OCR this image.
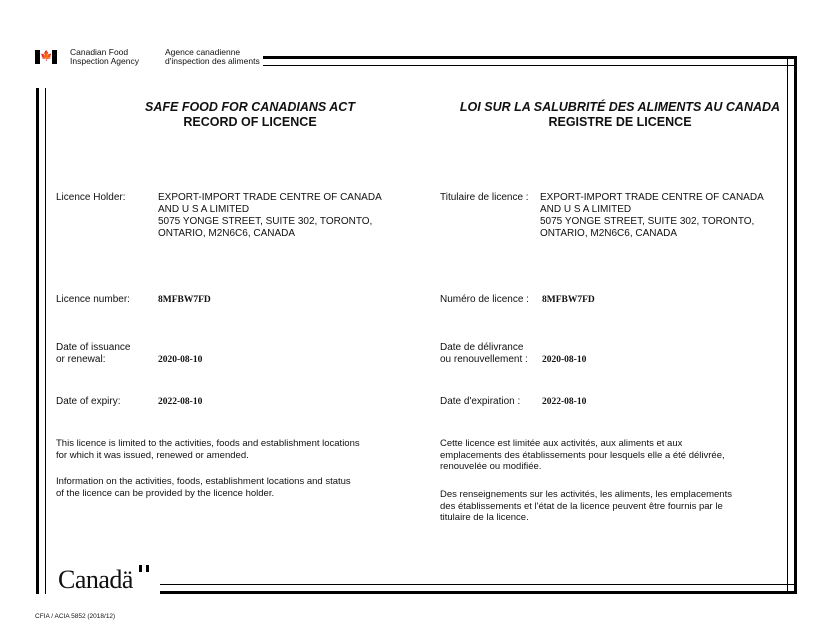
🍁 Canadian Food
Inspection Agency
Agence canadienne
d'inspection des aliments
SAFE FOOD FOR CANADIANS ACT
RECORD OF LICENCE
LOI SUR LA SALUBRITÉ DES ALIMENTS AU CANADA
REGISTRE DE LICENCE
Licence Holder:	EXPORT-IMPORT TRADE CENTRE OF CANADA
AND U S A LIMITED
5075 YONGE STREET, SUITE 302, TORONTO,
ONTARIO, M2N6C6, CANADA
Licence number:	8MFBW7FD
Date of issuance
or renewal:	2020-08-10
Date of expiry:	2022-08-10
Titulaire de licence : EXPORT-IMPORT TRADE CENTRE OF CANADA
AND U S A LIMITED
5075 YONGE STREET, SUITE 302, TORONTO,
ONTARIO, M2N6C6, CANADA
Numéro de licence : 8MFBW7FD
Date de délivrance
ou renouvellement : 2020-08-10
Date d'expiration : 2022-08-10
This licence is limited to the activities, foods and establishment locations
for which it was issued, renewed or amended.
Information on the activities, foods, establishment locations and status
of the licence can be provided by the licence holder.
Cette licence est limitée aux activités, aux aliments et aux
emplacements des établissements pour lesquels elle a été délivrée,
renouvelée ou modifiée.
Des renseignements sur les activités, les aliments, les emplacements
des établissements et l'état de la licence peuvent être fournis par le
titulaire de la licence.
Canadä
CFIA / ACIA 5852 (2018/12)
